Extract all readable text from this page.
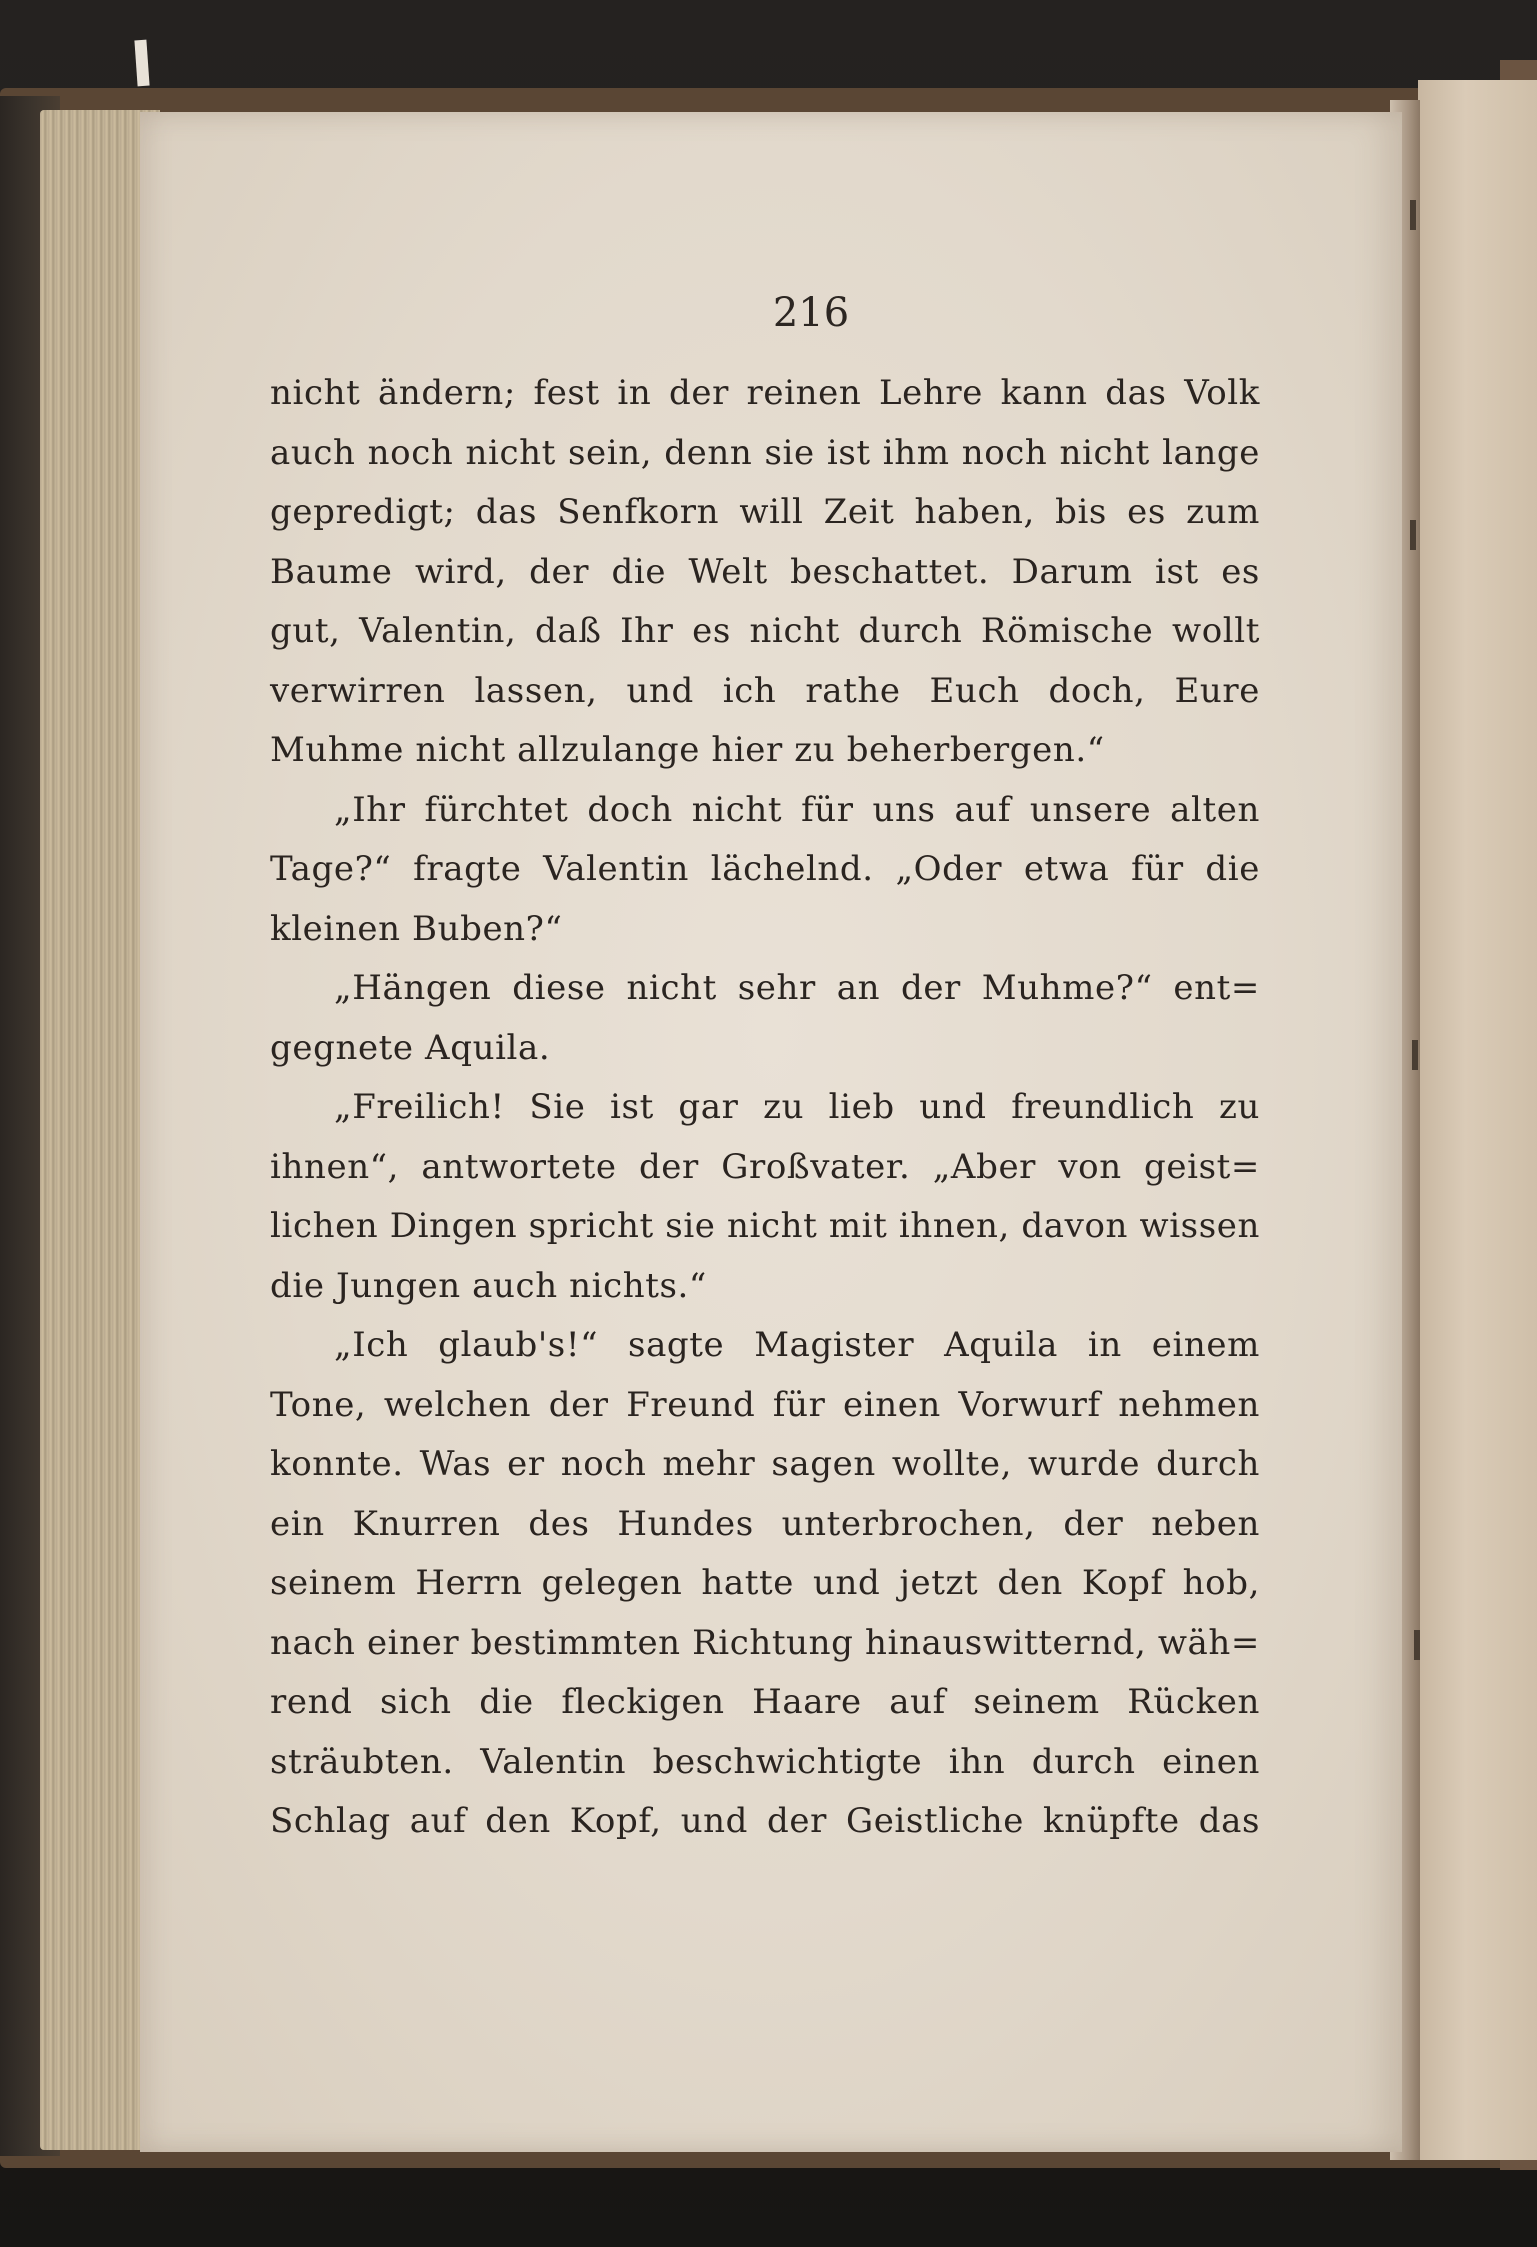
216
nicht ändern; fest in der reinen Lehre kann das Volk
auch noch nicht sein, denn sie ist ihm noch nicht lange
gepredigt; das Senfkorn will Zeit haben, bis es zum
Baume wird, der die Welt beschattet. Darum ist es
gut, Valentin, daß Ihr es nicht durch Römische wollt
verwirren lassen, und ich rathe Euch doch, Eure
Muhme nicht allzulange hier zu beherbergen.“
„Ihr fürchtet doch nicht für uns auf unsere alten
Tage?“ fragte Valentin lächelnd. „Oder etwa für die
kleinen Buben?“
„Hängen diese nicht sehr an der Muhme?“ ent=
gegnete Aquila.
„Freilich! Sie ist gar zu lieb und freundlich zu
ihnen“, antwortete der Großvater. „Aber von geist=
lichen Dingen spricht sie nicht mit ihnen, davon wissen
die Jungen auch nichts.“
„Ich glaub's!“ sagte Magister Aquila in einem
Tone, welchen der Freund für einen Vorwurf nehmen
konnte. Was er noch mehr sagen wollte, wurde durch
ein Knurren des Hundes unterbrochen, der neben
seinem Herrn gelegen hatte und jetzt den Kopf hob,
nach einer bestimmten Richtung hinauswitternd, wäh=
rend sich die fleckigen Haare auf seinem Rücken
sträubten. Valentin beschwichtigte ihn durch einen
Schlag auf den Kopf, und der Geistliche knüpfte das
